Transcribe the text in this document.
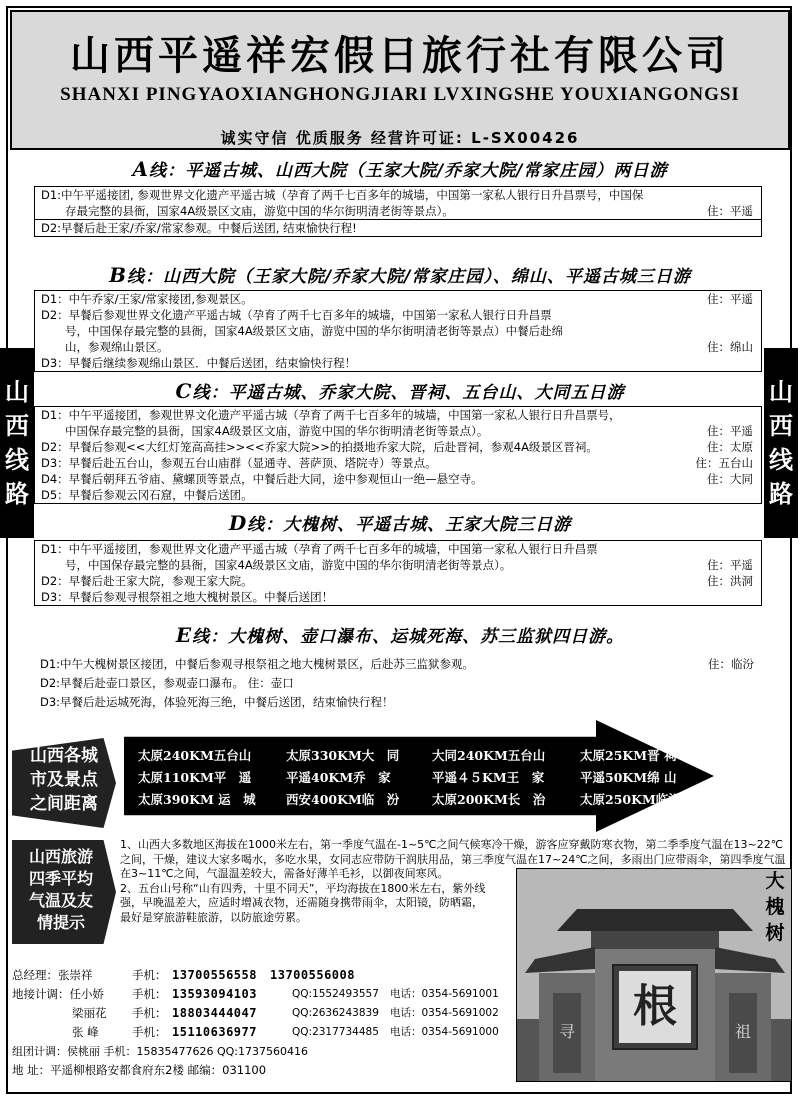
山西平遥祥宏假日旅行社有限公司
SHANXI PINGYAOXIANGHONGJIARI LVXINGSHE YOUXIANGONGSI
诚实守信 优质服务 经营许可证: L-SX00426
山
西
线
路
山
西
线
路
A线：平遥古城、山西大院（王家大院/乔家大院/常家庄园）两日游
D1:中午平遥接团, 参观世界文化遗产平遥古城（孕育了两千七百多年的城墙，中国第一家私人银行日升昌票号，中国保
存最完整的县衙，国家4A级景区文庙，游览中国的华尔街明清老街等景点）。	住：平遥
D2:早餐后赴王家/乔家/常家参观。中餐后送团, 结束愉快行程!
B线：山西大院（王家大院/乔家大院/常家庄园）、绵山、平遥古城三日游
D1：中午乔家/王家/常家接团,参观景区。	住：平遥
D2：早餐后参观世界文化遗产平遥古城（孕育了两千七百多年的城墙，中国第一家私人银行日升昌票
号，中国保存最完整的县衙，国家4A级景区文庙，游览中国的华尔街明清老街等景点）中餐后赴绵
山，参观绵山景区。	住：绵山
D3：早餐后继续参观绵山景区．中餐后送团，结束愉快行程！
C线：平遥古城、乔家大院、晋祠、五台山、大同五日游
D1：中午平遥接团，参观世界文化遗产平遥古城（孕育了两千七百多年的城墙，中国第一家私人银行日升昌票号，
中国保存最完整的县衙，国家4A级景区文庙，游览中国的华尔街明清老街等景点）。	住：平遥
D2：早餐后参观<<大红灯笼高高挂>><<乔家大院>>的拍摄地乔家大院，后赴晋祠，参观4A级景区晋祠。	住：太原
D3：早餐后赴五台山，参观五台山庙群（显通寺、菩萨顶、塔院寺）等景点。	住：五台山
D4：早餐后朝拜五爷庙、黛螺顶等景点，中餐后赴大同，途中参观恒山一绝—悬空寺。	住：大同
D5：早餐后参观云冈石窟，中餐后送团。
D线：大槐树、平遥古城、王家大院三日游
D1：中午平遥接团，参观世界文化遗产平遥古城（孕育了两千七百多年的城墙，中国第一家私人银行日升昌票
号，中国保存最完整的县衙，国家4A级景区文庙，游览中国的华尔街明清老街等景点）。	住：平遥
D2：早餐后赴王家大院，参观王家大院。	住：洪洞
D3：早餐后参观寻根祭祖之地大槐树景区。中餐后送团！
E线：大槐树、壶口瀑布、运城死海、苏三监狱四日游。
D1:中午大槐树景区接团，中餐后参观寻根祭祖之地大槐树景区，后赴苏三监狱参观。	住：临汾
D2:早餐后赴壶口景区，参观壶口瀑布。 住：壶口
D3:早餐后赴运城死海，体验死海三绝，中餐后送团，结束愉快行程！
山西各城
市及景点
之间距离
太原240KM五台山	太原330KM大　同	大同240KM五台山	太原25KM晋 祠
太原110KM平　遥	平遥40KM乔　家	平遥４５KM王　家	平遥50KM绵 山
太原390KM 运　城	西安400KM临　汾	太原200KM长　治	太原250KM临汾
山西旅游
四季平均
气温及友
情提示
1、山西大多数地区海拔在1000米左右，第一季度气温在-1~5℃之间气候寒冷干燥，游客应穿戴防寒衣物，第二季季度气温在13~22℃之间，干燥，建议大家多喝水，多吃水果，女同志应带防干润肤用品，第三季度气温在17~24℃之间，多雨出门应带雨伞，第四季度气温在3~11℃之间，气温温差较大，需备好薄羊毛衫，以御夜间寒风。
2、五台山号称“山有四秀，十里不同天”，平均海拔在1800米左右，紫外线强，早晚温差大，应适时增减衣物，还需随身携带雨伞，太阳镜，防晒霜，最好是穿旅游鞋旅游，以防旅途劳累。
根
寻	祖
大槐树
总经理：张崇祥	手机： 13700556558 13700556008
地接计调：任小娇 手机： 13593094103	QQ:1552493557 电话：0354-5691001
梁丽花 手机： 18803444047	QQ:2636243839 电话：0354-5691002
张 峰	手机： 15110636977	QQ:2317734485 电话：0354-5691000
组团计调：侯桃丽 手机：15835477626 QQ:1737560416
地 址：平遥柳根路安都食府东2楼 邮编：031100
